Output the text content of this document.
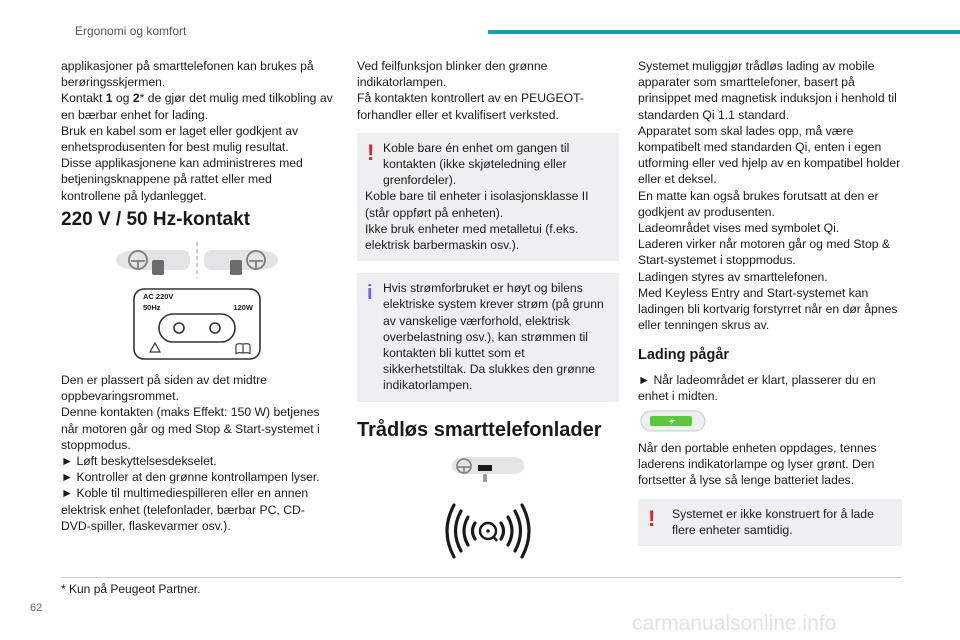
Ergonomi og komfort

applikasjoner på smarttelefonen kan brukes på berøringsskjermen.

Kontakt 1 og 2* de gjør det mulig med tilkobling av en bærbar enhet for lading.

Bruk en kabel som er laget eller godkjent av enhetsprodusenten for best mulig resultat.

Disse applikasjonene kan administreres med betjeningsknappene på rattet eller med kontrollene på lydanlegget.

220 V / 50 Hz-kontakt
AC 220V
50Hz	120W

Den er plassert på siden av det midtre oppbevaringsrommet.

Denne kontakten (maks Effekt: 150 W) betjenes når motoren går og med Stop & Start-systemet i stoppmodus.

► Løft beskyttelsesdekselet.

► Kontroller at den grønne kontrollampen lyser.

► Koble til multimediespilleren eller en annen elektrisk enhet (telefonlader, bærbar PC, CD-DVD-spiller, flaskevarmer osv.).

Ved feilfunksjon blinker den grønne indikatorlampen.

Få kontakten kontrollert av en PEUGEOT-forhandler eller et kvalifisert verksted.

! Koble bare én enhet om gangen til kontakten (ikke skjøteledning eller grenfordeler).

Koble bare til enheter i isolasjonsklasse II (står oppført på enheten).

Ikke bruk enheter med metalletui (f.eks. elektrisk barbermaskin osv.).

i Hvis strømforbruket er høyt og bilens elektriske system krever strøm (på grunn av vanskelige værforhold, elektrisk overbelastning osv.), kan strømmen til kontakten bli kuttet som et sikkerhetstiltak. Da slukkes den grønne indikatorlampen.

Trådløs smarttelefonlader

Systemet muliggjør trådløs lading av mobile apparater som smarttelefoner, basert på prinsippet med magnetisk induksjon i henhold til standarden Qi 1.1 standard.

Apparatet som skal lades opp, må være kompatibelt med standarden Qi, enten i egen utforming eller ved hjelp av en kompatibel holder eller et deksel.

En matte kan også brukes forutsatt at den er godkjent av produsenten.

Ladeområdet vises med symbolet Qi.

Laderen virker når motoren går og med Stop & Start-systemet i stoppmodus.

Ladingen styres av smarttelefonen.

Med Keyless Entry and Start-systemet kan ladingen bli kortvarig forstyrret når en dør åpnes eller tenningen skrus av.

Lading pågår

► Når ladeområdet er klart, plasserer du en enhet i midten.

Når den portable enheten oppdages, tennes laderens indikatorlampe og lyser grønt. Den fortsetter å lyse så lenge batteriet lades.

!	Systemet er ikke konstruert for å lade flere enheter samtidig.

* Kun på Peugeot Partner.
62
carmanualsonline.info
